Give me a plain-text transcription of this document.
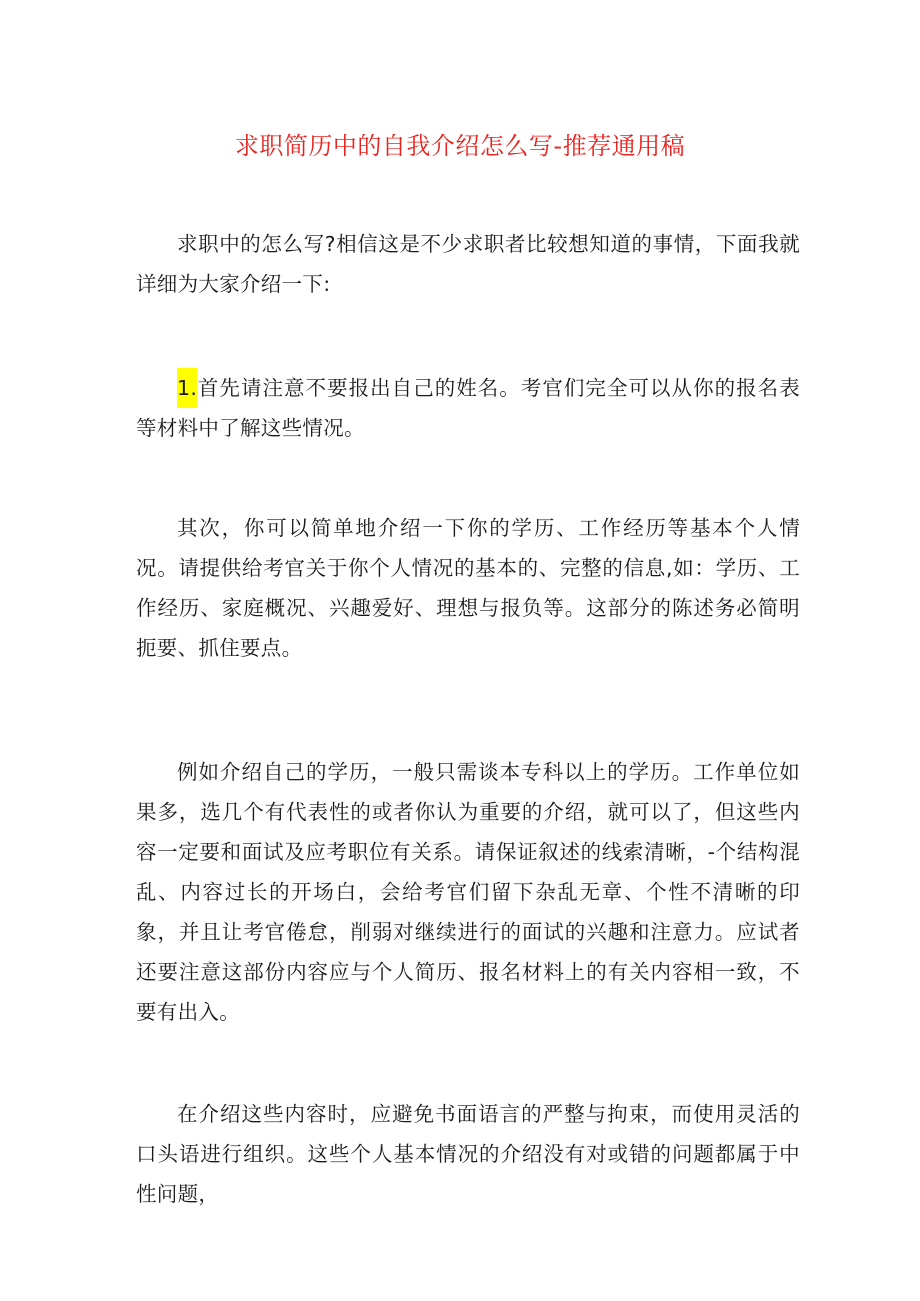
求职简历中的自我介绍怎么写-推荐通用稿
求职中的怎么写?相信这是不少求职者比较想知道的事情，下面我就详细为大家介绍一下:
1.首先请注意不要报出自己的姓名。考官们完全可以从你的报名表等材料中了解这些情况。
其次，你可以简单地介绍一下你的学历、工作经历等基本个人情况。请提供给考官关于你个人情况的基本的、完整的信息,如：学历、工作经历、家庭概况、兴趣爱好、理想与报负等。这部分的陈述务必简明扼要、抓住要点。
例如介绍自己的学历，一般只需谈本专科以上的学历。工作单位如果多，选几个有代表性的或者你认为重要的介绍，就可以了，但这些内容一定要和面试及应考职位有关系。请保证叙述的线索清晰，-个结构混乱、内容过长的开场白，会给考官们留下杂乱无章、个性不清晰的印象，并且让考官倦怠，削弱对继续进行的面试的兴趣和注意力。应试者还要注意这部份内容应与个人简历、报名材料上的有关内容相一致，不要有出入。
在介绍这些内容时，应避免书面语言的严整与拘束，而使用灵活的口头语进行组织。这些个人基本情况的介绍没有对或错的问题都属于中性问题，
